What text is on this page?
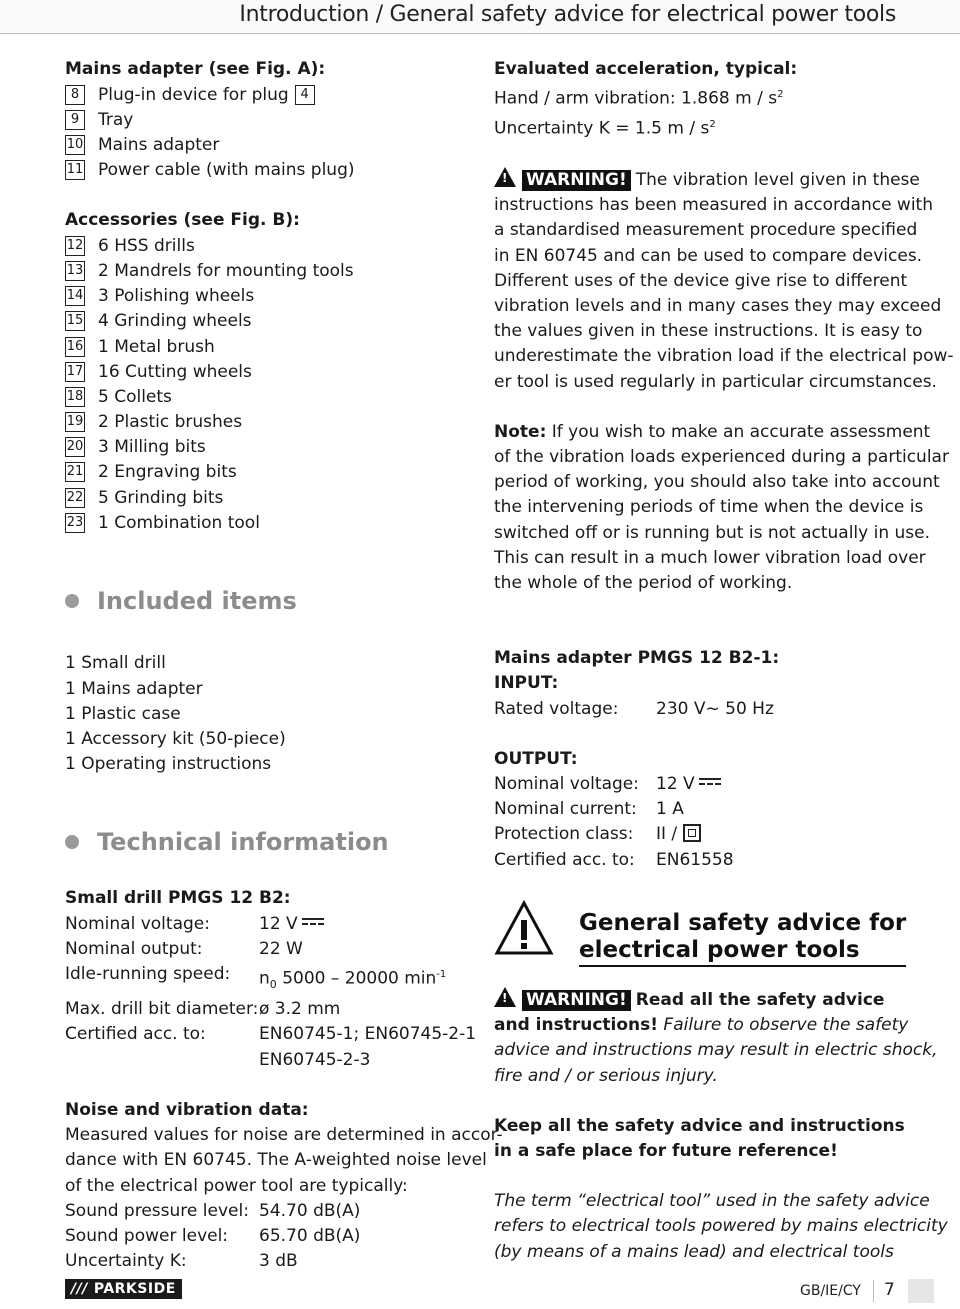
Introduction / General safety advice for electrical power tools
Mains adapter (see Fig. A):
8	Plug-in device for plug 4
9	Tray
10 Mains adapter
11 Power cable (with mains plug)
Accessories (see Fig. B):
12 6 HSS drills
13 2 Mandrels for mounting tools
14 3 Polishing wheels
15 4 Grinding wheels
16 1 Metal brush
17 16 Cutting wheels
18 5 Collets
19 2 Plastic brushes
20 3 Milling bits
21 2 Engraving bits
22 5 Grinding bits
23 1 Combination tool
Included items
1 Small drill
1 Mains adapter
1 Plastic case
1 Accessory kit (50-piece)
1 Operating instructions
Technical information
Small drill PMGS 12 B2:
Nominal voltage:	12 V
Nominal output:	22 W
Idle-running speed:	$n_0$ 5000 – 20000 $\min^{-1}$
Max. drill bit diameter: ø 3.2 mm
Certified acc. to:	EN60745-1; EN60745-2-1
EN60745-2-3
Noise and vibration data:
Measured values for noise are determined in accor-
dance with EN 60745. The A-weighted noise level
of the electrical power tool are typically:
Sound pressure level: 54.70 dB(A)
Sound power level:	65.70 dB(A)
Uncertainty K:	3 dB
Evaluated acceleration, typical:
Hand / arm vibration: 1.868 m / $s^2$
Uncertainty K = 1.5 m / $s^2$
!WARNING! The vibration level given in these
instructions has been measured in accordance with
a standardised measurement procedure specified
in EN 60745 and can be used to compare devices.
Different uses of the device give rise to different
vibration levels and in many cases they may exceed
the values given in these instructions. It is easy to
underestimate the vibration load if the electrical pow-
er tool is used regularly in particular circumstances.
Note: If you wish to make an accurate assessment
of the vibration loads experienced during a particular
period of working, you should also take into account
the intervening periods of time when the device is
switched off or is running but is not actually in use.
This can result in a much lower vibration load over
the whole of the period of working.
Mains adapter PMGS 12 B2-1:
INPUT:
Rated voltage:	230 V~ 50 Hz
OUTPUT:
Nominal voltage:	12 V
Nominal current:	1 A
Protection class:	II /
Certified acc. to:	EN61558
General safety advice for
electrical power tools
!WARNING! Read all the safety advice
and instructions! Failure to observe the safety
advice and instructions may result in electric shock,
fire and / or serious injury.
Keep all the safety advice and instructions
in a safe place for future reference!
The term “electrical tool” used in the safety advice
refers to electrical tools powered by mains electricity
(by means of a mains lead) and electrical tools
/// PARKSIDE	GB/IE/CY 7
